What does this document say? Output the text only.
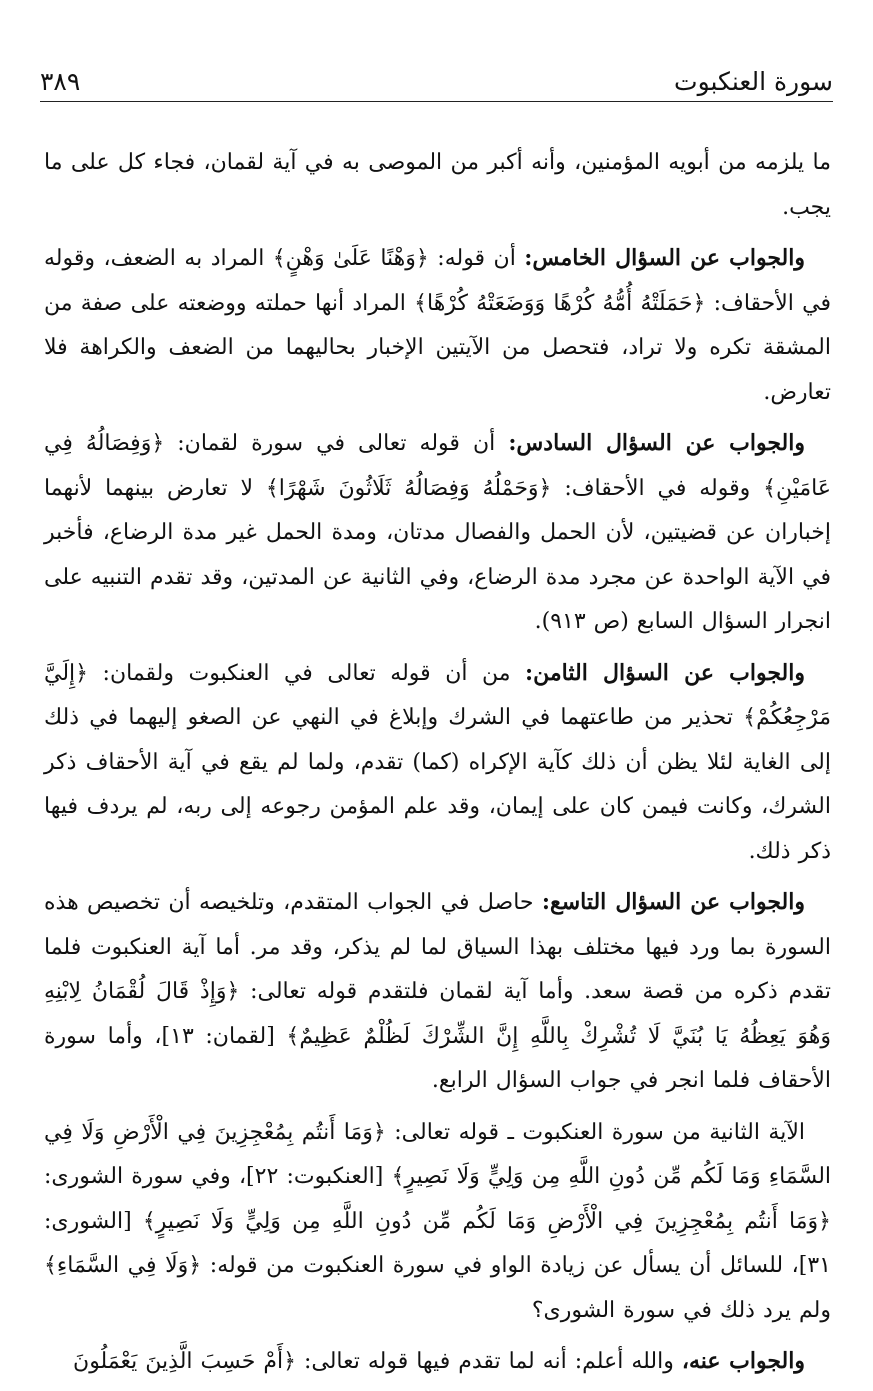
سورة العنكبوت
٣٨٩

ما يلزمه من أبويه المؤمنين، وأنه أكبر من الموصى به في آية لقمان، فجاء كل على ما يجب.

والجواب عن السؤال الخامس: أن قوله: ﴿وَهْنًا عَلَىٰ وَهْنٍ﴾ المراد به الضعف، وقوله في الأحقاف: ﴿حَمَلَتْهُ أُمُّهُ كُرْهًا وَوَضَعَتْهُ كُرْهًا﴾ المراد أنها حملته ووضعته على صفة من المشقة تكره ولا تراد، فتحصل من الآيتين الإخبار بحاليهما من الضعف والكراهة فلا تعارض.

والجواب عن السؤال السادس: أن قوله تعالى في سورة لقمان: ﴿وَفِصَالُهُ فِي عَامَيْنِ﴾ وقوله في الأحقاف: ﴿وَحَمْلُهُ وَفِصَالُهُ ثَلَاثُونَ شَهْرًا﴾ لا تعارض بينهما لأنهما إخباران عن قضيتين، لأن الحمل والفصال مدتان، ومدة الحمل غير مدة الرضاع، فأخبر في الآية الواحدة عن مجرد مدة الرضاع، وفي الثانية عن المدتين، وقد تقدم التنبيه على انجرار السؤال السابع (ص ٩١٣).

والجواب عن السؤال الثامن: من أن قوله تعالى في العنكبوت ولقمان: ﴿إِلَيَّ مَرْجِعُكُمْ﴾ تحذير من طاعتهما في الشرك وإبلاغ في النهي عن الصغو إليهما في ذلك إلى الغاية لئلا يظن أن ذلك كآية الإكراه (كما) تقدم، ولما لم يقع في آية الأحقاف ذكر الشرك، وكانت فيمن كان على إيمان، وقد علم المؤمن رجوعه إلى ربه، لم يردف فيها ذكر ذلك.

والجواب عن السؤال التاسع: حاصل في الجواب المتقدم، وتلخيصه أن تخصيص هذه السورة بما ورد فيها مختلف بهذا السياق لما لم يذكر، وقد مر. أما آية العنكبوت فلما تقدم ذكره من قصة سعد. وأما آية لقمان فلتقدم قوله تعالى: ﴿وَإِذْ قَالَ لُقْمَانُ لِابْنِهِ وَهُوَ يَعِظُهُ يَا بُنَيَّ لَا تُشْرِكْ بِاللَّهِ إِنَّ الشِّرْكَ لَظُلْمٌ عَظِيمٌ﴾ [لقمان: ١٣]، وأما سورة الأحقاف فلما انجر في جواب السؤال الرابع.

الآية الثانية من سورة العنكبوت ـ قوله تعالى: ﴿وَمَا أَنتُم بِمُعْجِزِينَ فِي الْأَرْضِ وَلَا فِي السَّمَاءِ وَمَا لَكُم مِّن دُونِ اللَّهِ مِن وَلِيٍّ وَلَا نَصِيرٍ﴾ [العنكبوت: ٢٢]، وفي سورة الشورى: ﴿وَمَا أَنتُم بِمُعْجِزِينَ فِي الْأَرْضِ وَمَا لَكُم مِّن دُونِ اللَّهِ مِن وَلِيٍّ وَلَا نَصِيرٍ﴾ [الشورى: ٣١]، للسائل أن يسأل عن زيادة الواو في سورة العنكبوت من قوله: ﴿وَلَا فِي السَّمَاءِ﴾ ولم يرد ذلك في سورة الشورى؟

والجواب عنه، والله أعلم: أنه لما تقدم فيها قوله تعالى: ﴿أَمْ حَسِبَ الَّذِينَ يَعْمَلُونَ
